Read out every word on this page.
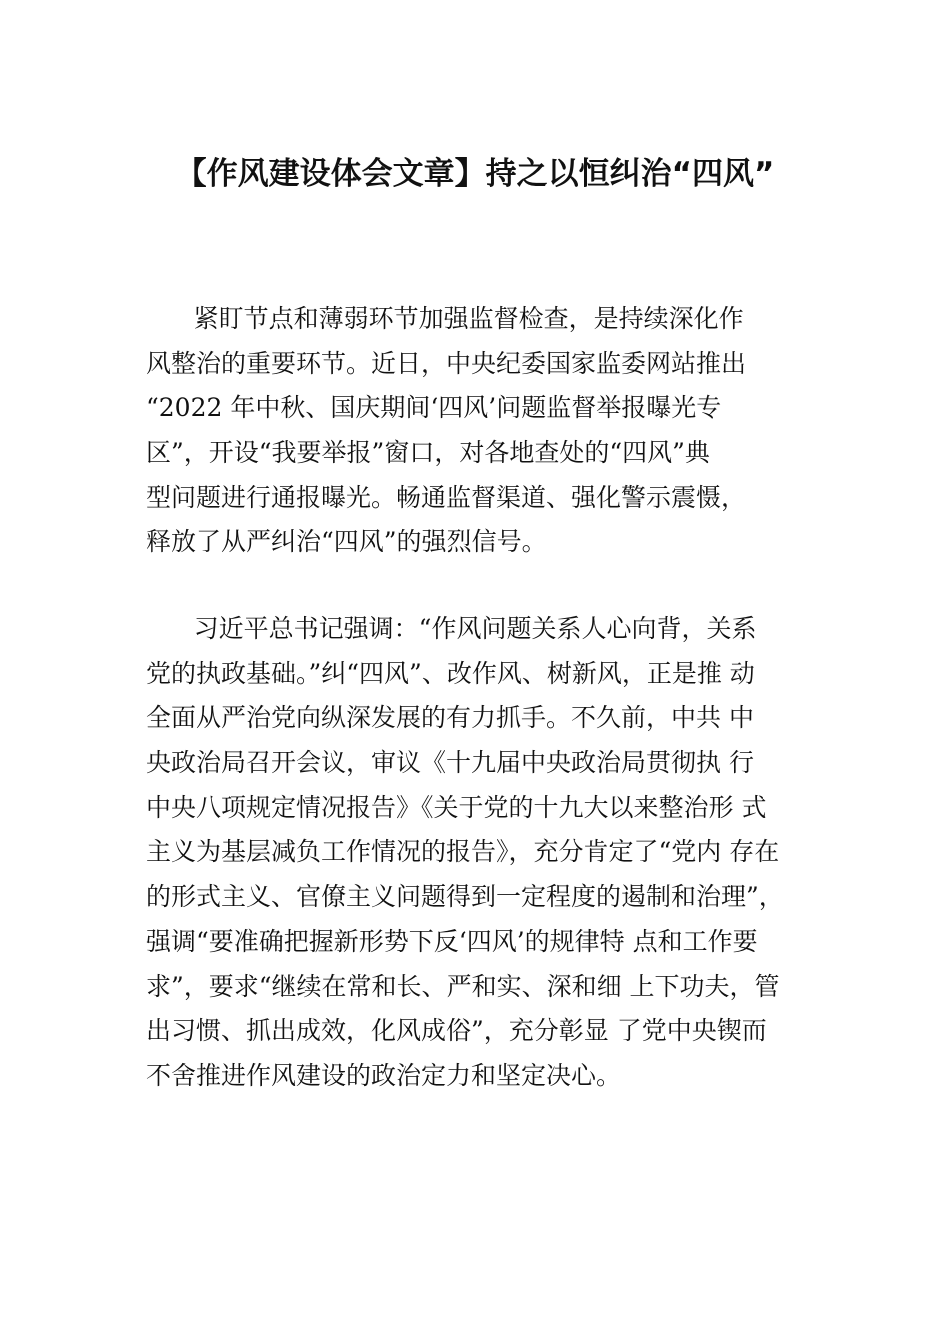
【作风建设体会文章】持之以恒纠治“四风”
紧盯节点和薄弱环节加强监督检查，是持续深化作
风整治的重要环节。近日，中央纪委国家监委网站推出
“2022 年中秋、国庆期间‘四风’问题监督举报曝光专
区”，开设“我要举报”窗口，对各地查处的“四风”典
型问题进行通报曝光。畅通监督渠道、强化警示震慑，
释放了从严纠治“四风”的强烈信号。
习近平总书记强调：“作风问题关系人心向背，关系
党的执政基础。”纠“四风”、改作风、树新风，正是推 动
全面从严治党向纵深发展的有力抓手。不久前，中共 中
央政治局召开会议，审议《十九届中央政治局贯彻执 行
中央八项规定情况报告》《关于党的十九大以来整治形 式
主义为基层减负工作情况的报告》，充分肯定了“党内 存在
的形式主义、官僚主义问题得到一定程度的遏制和治理”，
强调“要准确把握新形势下反‘四风’的规律特 点和工作要
求”，要求“继续在常和长、严和实、深和细 上下功夫，管
出习惯、抓出成效，化风成俗”，充分彰显 了党中央锲而
不舍推进作风建设的政治定力和坚定决心。
